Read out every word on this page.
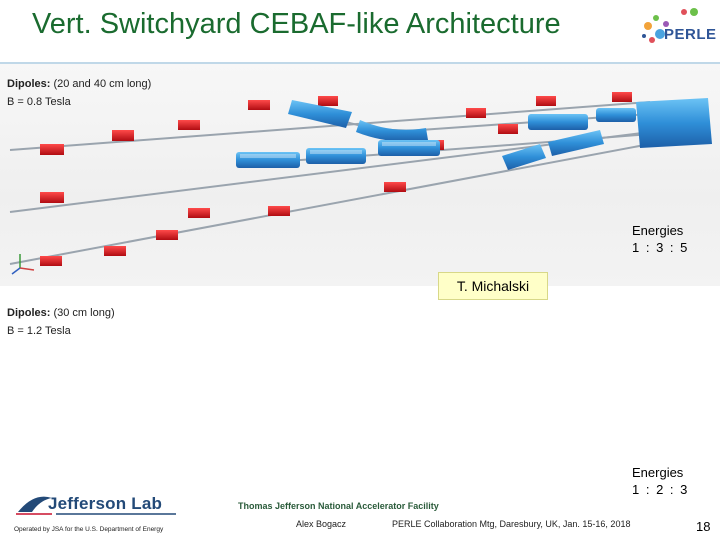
Vert. Switchyard CEBAF-like Architecture	PERLE
Dipoles: (20 and 40 cm long)
B = 0.8 Tesla
Energies
1 : 3 : 5
T. Michalski
Dipoles: (30 cm long)
B = 1.2 Tesla
Energies
1 : 2 : 3
Jefferson Lab
Operated by JSA for the U.S. Department of Energy
Thomas Jefferson National Accelerator Facility
Alex Bogacz	PERLE Collaboration Mtg, Daresbury, UK, Jan. 15-16, 2018	18
